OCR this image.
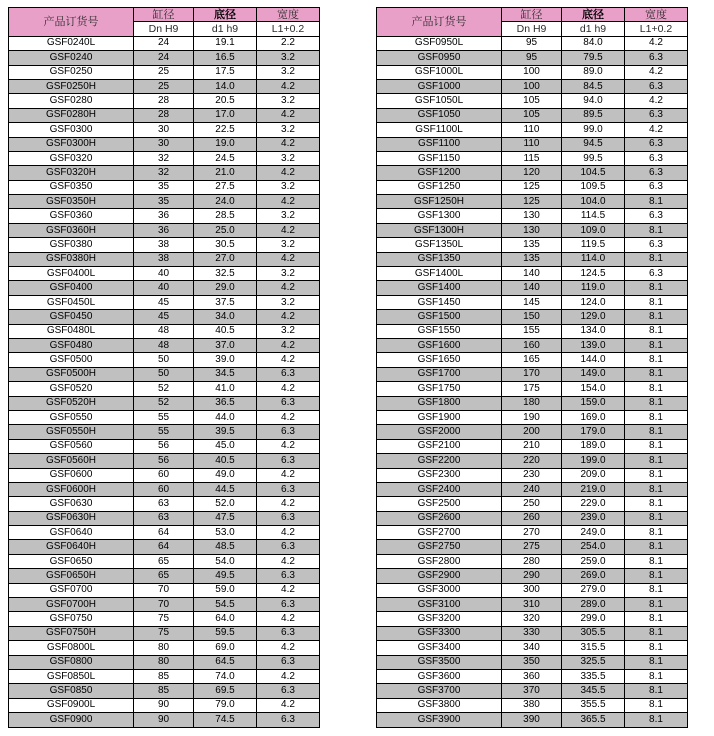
产品订货号	缸径	底径	宽度
	Dn H9	d1 h9	L1+0.2
GSF0240L	24	19.1	2.2
GSF0240	24	16.5	3.2
GSF0250	25	17.5	3.2
GSF0250H	25	14.0	4.2
GSF0280	28	20.5	3.2
GSF0280H	28	17.0	4.2
GSF0300	30	22.5	3.2
GSF0300H	30	19.0	4.2
GSF0320	32	24.5	3.2
GSF0320H	32	21.0	4.2
GSF0350	35	27.5	3.2
GSF0350H	35	24.0	4.2
GSF0360	36	28.5	3.2
GSF0360H	36	25.0	4.2
GSF0380	38	30.5	3.2
GSF0380H	38	27.0	4.2
GSF0400L	40	32.5	3.2
GSF0400	40	29.0	4.2
GSF0450L	45	37.5	3.2
GSF0450	45	34.0	4.2
GSF0480L	48	40.5	3.2
GSF0480	48	37.0	4.2
GSF0500	50	39.0	4.2
GSF0500H	50	34.5	6.3
GSF0520	52	41.0	4.2
GSF0520H	52	36.5	6.3
GSF0550	55	44.0	4.2
GSF0550H	55	39.5	6.3
GSF0560	56	45.0	4.2
GSF0560H	56	40.5	6.3
GSF0600	60	49.0	4.2
GSF0600H	60	44.5	6.3
GSF0630	63	52.0	4.2
GSF0630H	63	47.5	6.3
GSF0640	64	53.0	4.2
GSF0640H	64	48.5	6.3
GSF0650	65	54.0	4.2
GSF0650H	65	49.5	6.3
GSF0700	70	59.0	4.2
GSF0700H	70	54.5	6.3
GSF0750	75	64.0	4.2
GSF0750H	75	59.5	6.3
GSF0800L	80	69.0	4.2
GSF0800	80	64.5	6.3
GSF0850L	85	74.0	4.2
GSF0850	85	69.5	6.3
GSF0900L	90	79.0	4.2
GSF0900	90	74.5	6.3
产品订货号	缸径	底径	宽度
	Dn H9	d1 h9	L1+0.2
GSF0950L	95	84.0	4.2
GSF0950	95	79.5	6.3
GSF1000L	100	89.0	4.2
GSF1000	100	84.5	6.3
GSF1050L	105	94.0	4.2
GSF1050	105	89.5	6.3
GSF1100L	110	99.0	4.2
GSF1100	110	94.5	6.3
GSF1150	115	99.5	6.3
GSF1200	120	104.5	6.3
GSF1250	125	109.5	6.3
GSF1250H	125	104.0	8.1
GSF1300	130	114.5	6.3
GSF1300H	130	109.0	8.1
GSF1350L	135	119.5	6.3
GSF1350	135	114.0	8.1
GSF1400L	140	124.5	6.3
GSF1400	140	119.0	8.1
GSF1450	145	124.0	8.1
GSF1500	150	129.0	8.1
GSF1550	155	134.0	8.1
GSF1600	160	139.0	8.1
GSF1650	165	144.0	8.1
GSF1700	170	149.0	8.1
GSF1750	175	154.0	8.1
GSF1800	180	159.0	8.1
GSF1900	190	169.0	8.1
GSF2000	200	179.0	8.1
GSF2100	210	189.0	8.1
GSF2200	220	199.0	8.1
GSF2300	230	209.0	8.1
GSF2400	240	219.0	8.1
GSF2500	250	229.0	8.1
GSF2600	260	239.0	8.1
GSF2700	270	249.0	8.1
GSF2750	275	254.0	8.1
GSF2800	280	259.0	8.1
GSF2900	290	269.0	8.1
GSF3000	300	279.0	8.1
GSF3100	310	289.0	8.1
GSF3200	320	299.0	8.1
GSF3300	330	305.5	8.1
GSF3400	340	315.5	8.1
GSF3500	350	325.5	8.1
GSF3600	360	335.5	8.1
GSF3700	370	345.5	8.1
GSF3800	380	355.5	8.1
GSF3900	390	365.5	8.1
